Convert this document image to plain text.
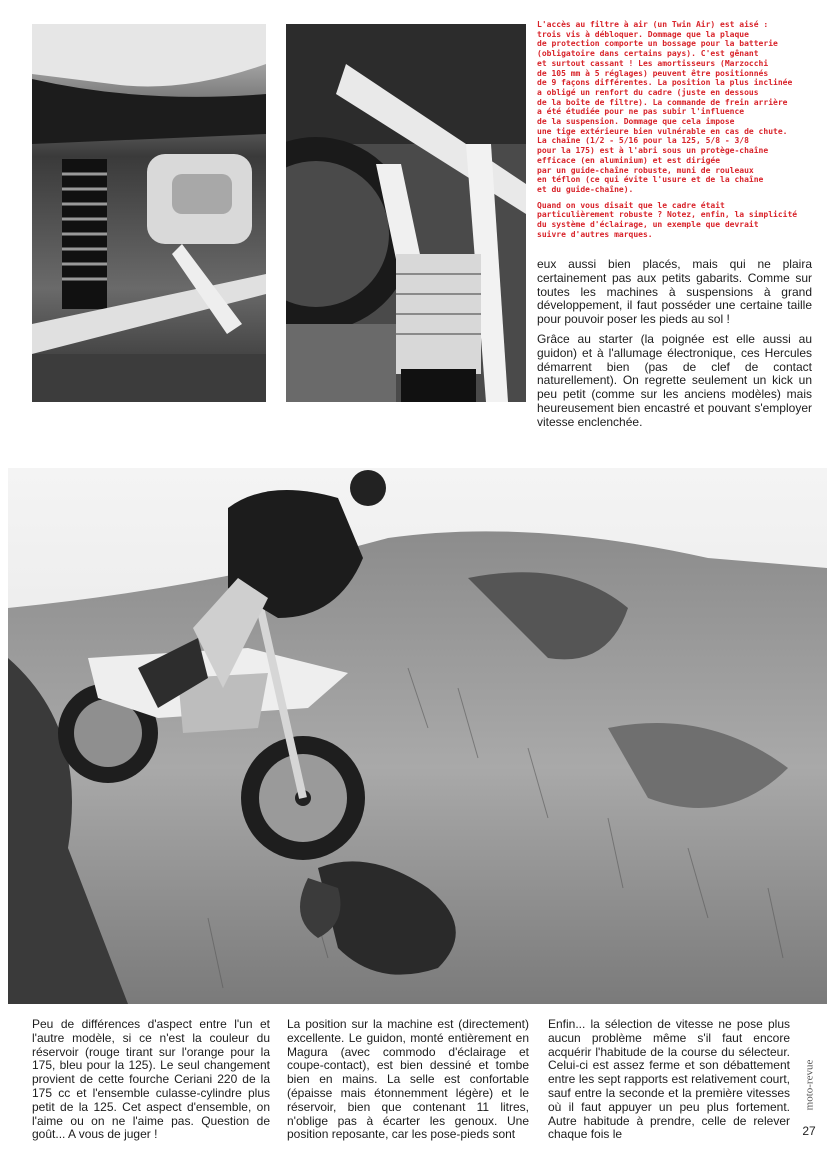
L'accès au filtre à air (un Twin Air) est aisé :
trois vis à débloquer. Dommage que la plaque
de protection comporte un bossage pour la batterie
(obligatoire dans certains pays). C'est gênant
et surtout cassant ! Les amortisseurs (Marzocchi
de 105 mm à 5 réglages) peuvent être positionnés
de 9 façons différentes. La position la plus inclinée
a obligé un renfort du cadre (juste en dessous
de la boîte de filtre). La commande de frein arrière
a été étudiée pour ne pas subir l'influence
de la suspension. Dommage que cela impose
une tige extérieure bien vulnérable en cas de chute.
La chaîne (1/2 - 5/16 pour la 125, 5/8 - 3/8
pour la 175) est à l'abri sous un protège-chaîne
efficace (en aluminium) et est dirigée
par un guide-chaîne robuste, muni de rouleaux
en téflon (ce qui évite l'usure et de la chaîne
et du guide-chaîne).

Quand on vous disait que le cadre était
particulièrement robuste ? Notez, enfin, la simplicité
du système d'éclairage, un exemple que devrait
suivre d'autres marques.

eux aussi bien placés, mais qui ne plaira certainement pas aux petits gabarits. Comme sur toutes les machines à suspensions à grand développement, il faut posséder une certaine taille pour pouvoir poser les pieds au sol !

Grâce au starter (la poignée est elle aussi au guidon) et à l'allumage électronique, ces Hercules démarrent bien (pas de clef de contact naturellement). On regrette seulement un kick un peu petit (comme sur les anciens modèles) mais heureusement bien encastré et pouvant s'employer vitesse enclenchée.

Peu de différences d'aspect entre l'un et l'autre modèle, si ce n'est la couleur du réservoir (rouge tirant sur l'orange pour la 175, bleu pour la 125). Le seul changement provient de cette fourche Ceriani 220 de la 175 cc et l'ensemble culasse-cylindre plus petit de la 125. Cet aspect d'ensemble, on l'aime ou on ne l'aime pas. Question de goût... A vous de juger !

La position sur la machine est (directement) excellente. Le guidon, monté entièrement en Magura (avec commodo d'éclairage et coupe-contact), est bien dessiné et tombe bien en mains. La selle est confortable (épaisse mais étonnemment légère) et le réservoir, bien que contenant 11 litres, n'oblige pas à écarter les genoux. Une position reposante, car les pose-pieds sont

Enfin... la sélection de vitesse ne pose plus aucun problème même s'il faut encore acquérir l'habitude de la course du sélecteur. Celui-ci est assez ferme et son débattement entre les sept rapports est relativement court, sauf entre la seconde et la première vitesses où il faut appuyer un peu plus fortement. Autre habitude à prendre, celle de relever chaque fois le

moto-revue
27
